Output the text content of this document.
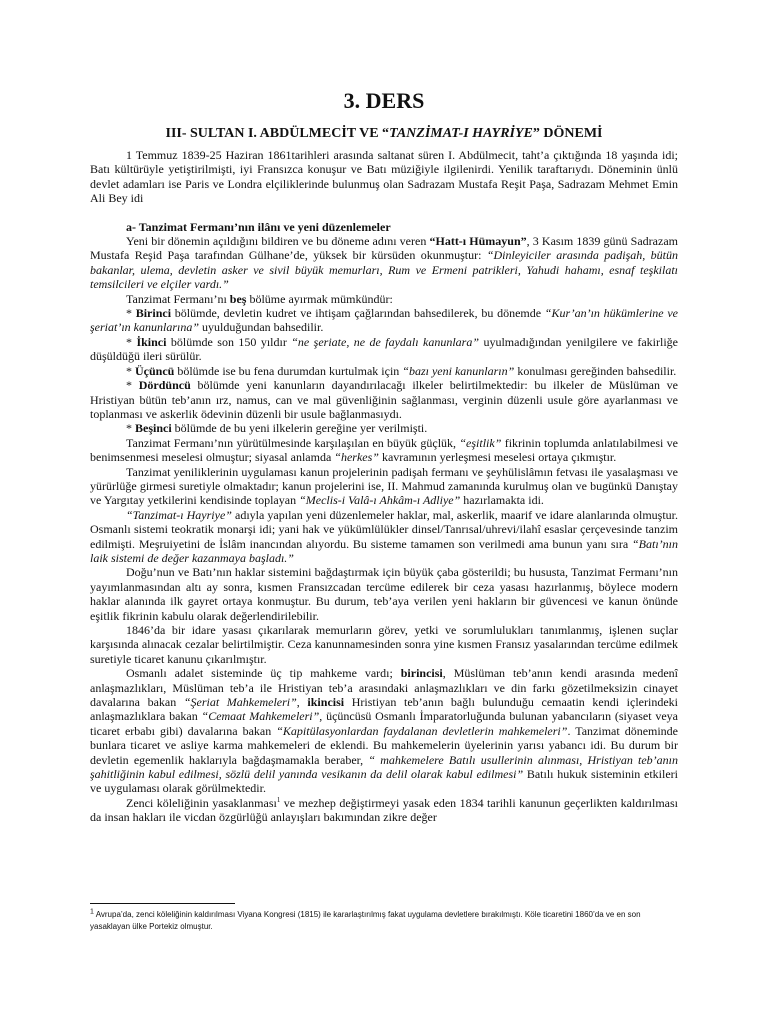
3. DERS
III- SULTAN I. ABDÜLMECİT VE “TANZİMAT-I HAYRİYE” DÖNEMİ

1 Temmuz 1839-25 Haziran 1861tarihleri arasında saltanat süren I. Abdülmecit, taht’a çıktığında 18 yaşında idi; Batı kültürüyle yetiştirilmişti, iyi Fransızca konuşur ve Batı müziğiyle ilgilenirdi. Yenilik taraftarıydı. Döneminin ünlü devlet adamları ise Paris ve Londra elçiliklerinde bulunmuş olan Sadrazam Mustafa Reşit Paşa, Sadrazam Mehmet Emin Ali Bey idi

a- Tanzimat Fermanı’nın ilânı ve yeni düzenlemeler

Yeni bir dönemin açıldığını bildiren ve bu döneme adını veren “Hatt-ı Hümayun”, 3 Kasım 1839 günü Sadrazam Mustafa Reşid Paşa tarafından Gülhane’de, yüksek bir kürsüden okunmuştur: “Dinleyiciler arasında padişah, bütün bakanlar, ulema, devletin asker ve sivil büyük memurları, Rum ve Ermeni patrikleri, Yahudi hahamı, esnaf teşkilatı temsilcileri ve elçiler vardı.”

Tanzimat Fermanı’nı beş bölüme ayırmak mümkündür:

* Birinci bölümde, devletin kudret ve ihtişam çağlarından bahsedilerek, bu dönemde “Kur’an’ın hükümlerine ve şeriat’ın kanunlarına” uyulduğundan bahsedilir.

* İkinci bölümde son 150 yıldır “ne şeriate, ne de faydalı kanunlara” uyulmadığından yenilgilere ve fakirliğe düşüldüğü ileri sürülür.

* Üçüncü bölümde ise bu fena durumdan kurtulmak için “bazı yeni kanunların” konulması gereğinden bahsedilir.

* Dördüncü bölümde yeni kanunların dayandırılacağı ilkeler belirtilmektedir: bu ilkeler de Müslüman ve Hristiyan bütün teb’anın ırz, namus, can ve mal güvenliğinin sağlanması, verginin düzenli usule göre ayarlanması ve toplanması ve askerlik ödevinin düzenli bir usule bağlanmasıydı.

* Beşinci bölümde de bu yeni ilkelerin gereğine yer verilmişti.

Tanzimat Fermanı’nın yürütülmesinde karşılaşılan en büyük güçlük, “eşitlik” fikrinin toplumda anlatılabilmesi ve benimsenmesi meselesi olmuştur; siyasal anlamda “herkes” kavramının yerleşmesi meselesi ortaya çıkmıştır.

Tanzimat yeniliklerinin uygulaması kanun projelerinin padişah fermanı ve şeyhülislâmın fetvası ile yasalaşması ve yürürlüğe girmesi suretiyle olmaktadır; kanun projelerini ise, II. Mahmud zamanında kurulmuş olan ve bugünkü Danıştay ve Yargıtay yetkilerini kendisinde toplayan “Meclis-i Valâ-ı Ahkâm-ı Adliye” hazırlamakta idi.

“Tanzimat-ı Hayriye” adıyla yapılan yeni düzenlemeler haklar, mal, askerlik, maarif ve idare alanlarında olmuştur. Osmanlı sistemi teokratik monarşi idi; yani hak ve yükümlülükler dinsel/Tanrısal/uhrevi/ilahî esaslar çerçevesinde tanzim edilmişti. Meşruiyetini de İslâm inancından alıyordu. Bu sisteme tamamen son verilmedi ama bunun yanı sıra “Batı’nın laik sistemi de değer kazanmaya başladı.”

Doğu’nun ve Batı’nın haklar sistemini bağdaştırmak için büyük çaba gösterildi; bu hususta, Tanzimat Fermanı’nın yayımlanmasından altı ay sonra, kısmen Fransızcadan tercüme edilerek bir ceza yasası hazırlanmış, böylece modern haklar alanında ilk gayret ortaya konmuştur. Bu durum, teb’aya verilen yeni hakların bir güvencesi ve kanun önünde eşitlik fikrinin kabulu olarak değerlendirilebilir.

1846’da bir idare yasası çıkarılarak memurların görev, yetki ve sorumlulukları tanımlanmış, işlenen suçlar karşısında alınacak cezalar belirtilmiştir. Ceza kanunnamesinden sonra yine kısmen Fransız yasalarından tercüme edilmek suretiyle ticaret kanunu çıkarılmıştır.

Osmanlı adalet sisteminde üç tip mahkeme vardı; birincisi, Müslüman teb’anın kendi arasında medenî anlaşmazlıkları, Müslüman teb’a ile Hristiyan teb’a arasındaki anlaşmazlıkları ve din farkı gözetilmeksizin cinayet davalarına bakan “Şeriat Mahkemeleri”, ikincisi Hristiyan teb’anın bağlı bulunduğu cemaatin kendi içlerindeki anlaşmazlıklara bakan “Cemaat Mahkemeleri”, üçüncüsü Osmanlı İmparatorluğunda bulunan yabancıların (siyaset veya ticaret erbabı gibi) davalarına bakan “Kapitülasyonlardan faydalanan devletlerin mahkemeleri”. Tanzimat döneminde bunlara ticaret ve asliye karma mahkemeleri de eklendi. Bu mahkemelerin üyelerinin yarısı yabancı idi. Bu durum bir devletin egemenlik haklarıyla bağdaşmamakla beraber, “ mahkemelere Batılı usullerinin alınması, Hristiyan teb’anın şahitliğinin kabul edilmesi, sözlü delil yanında vesikanın da delil olarak kabul edilmesi” Batılı hukuk sisteminin etkileri ve uygulaması olarak görülmektedir.

Zenci köleliğinin yasaklanması$^1$ ve mezhep değiştirmeyi yasak eden 1834 tarihli kanunun geçerlikten kaldırılması da insan hakları ile vicdan özgürlüğü anlayışları bakımından zikre değer

$^1$ Avrupa’da, zenci köleliğinin kaldırılması Viyana Kongresi (1815) ile kararlaştırılmış fakat uygulama devletlere bırakılmıştı. Köle ticaretini 1860’da ve en son yasaklayan ülke Portekiz olmuştur.
